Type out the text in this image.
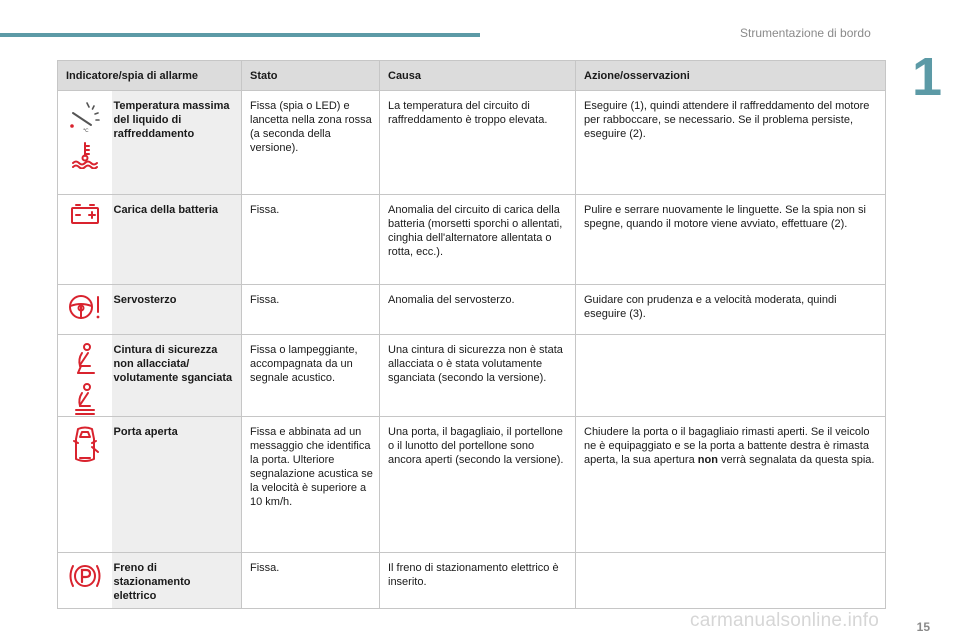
Strumentazione di bordo
1
Indicatore/spia di allarme		Stato	Causa	Azione/osservazioni

℃	Temperatura massima del liquido di raffreddamento	Fissa (spia o LED) e lancetta nella zona rossa (a seconda della versione).	La temperatura del circuito di raffreddamento è troppo elevata.	Eseguire (1), quindi attendere il raffreddamento del motore per rabboccare, se necessario. Se il problema persiste, eseguire (2).

	Carica della batteria	Fissa.	Anomalia del circuito di carica della batteria (morsetti sporchi o allentati, cinghia dell'alternatore allentata o rotta, ecc.).	Pulire e serrare nuovamente le linguette. Se la spia non si spegne, quando il motore viene avviato, effettuare (2).

	Servosterzo	Fissa.	Anomalia del servosterzo.	Guidare con prudenza e a velocità moderata, quindi eseguire (3).

	Cintura di sicurezza non allacciata/ volutamente sganciata	Fissa o lampeggiante, accompagnata da un segnale acustico.	Una cintura di sicurezza non è stata allacciata o è stata volutamente sganciata (secondo la versione).	

	Porta aperta	Fissa e abbinata ad un messaggio che identifica la porta. Ulteriore segnalazione acustica se la velocità è superiore a 10 km/h.	Una porta, il bagagliaio, il portellone o il lunotto del portellone sono ancora aperti (secondo la versione).	Chiudere la porta o il bagagliaio rimasti aperti. Se il veicolo ne è equipaggiato e se la porta a battente destra è rimasta aperta, la sua apertura non verrà segnalata da questa spia.

	Freno di stazionamento elettrico	Fissa.	Il freno di stazionamento elettrico è inserito.	
15
carmanualsonline.info
